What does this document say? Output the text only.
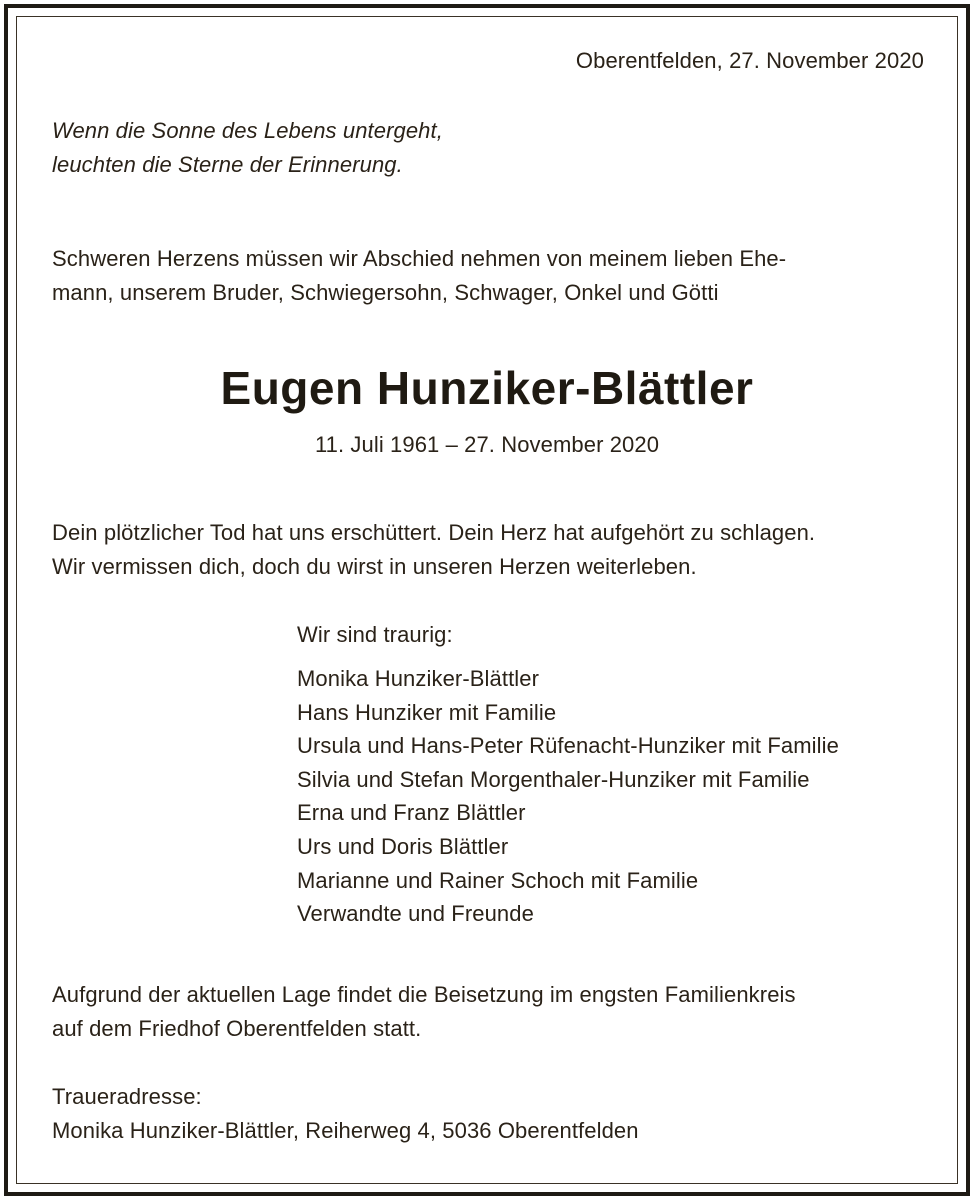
Oberentfelden, 27. November 2020
Wenn die Sonne des Lebens untergeht,
leuchten die Sterne der Erinnerung.
Schweren Herzens müssen wir Abschied nehmen von meinem lieben Ehe-
mann, unserem Bruder, Schwiegersohn, Schwager, Onkel und Götti
Eugen Hunziker-Blättler
11. Juli 1961 – 27. November 2020
Dein plötzlicher Tod hat uns erschüttert. Dein Herz hat aufgehört zu schlagen.
Wir vermissen dich, doch du wirst in unseren Herzen weiterleben.
Wir sind traurig:
Monika Hunziker-Blättler
Hans Hunziker mit Familie
Ursula und Hans-Peter Rüfenacht-Hunziker mit Familie
Silvia und Stefan Morgenthaler-Hunziker mit Familie
Erna und Franz Blättler
Urs und Doris Blättler
Marianne und Rainer Schoch mit Familie
Verwandte und Freunde
Aufgrund der aktuellen Lage findet die Beisetzung im engsten Familienkreis
auf dem Friedhof Oberentfelden statt.
Traueradresse:
Monika Hunziker-Blättler, Reiherweg 4, 5036 Oberentfelden
